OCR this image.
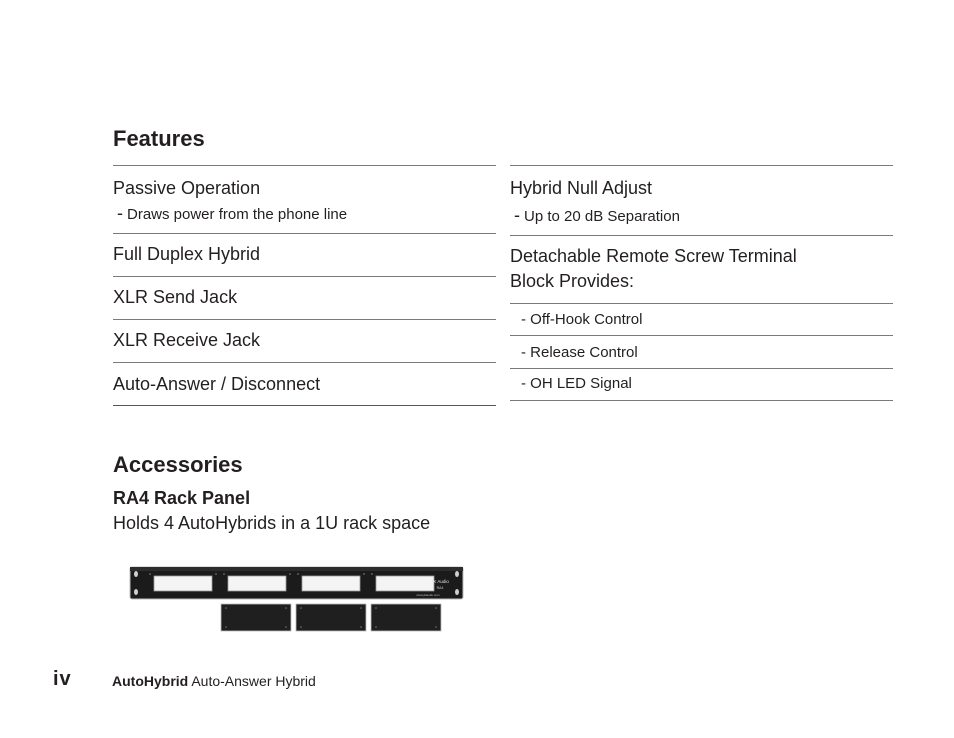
Features
Passive Operation
- Draws power from the phone line
Full Duplex Hybrid
XLR Send Jack
XLR Receive Jack
Auto-Answer / Disconnect
Hybrid Null Adjust
- Up to 20 dB Separation
Detachable Remote Screw Terminal
Block Provides:
- Off-Hook Control
- Release Control
- OH LED Signal
Accessories
RA4 Rack Panel
Holds 4 AutoHybrids in a 1U rack space
JK Audio
RA4
www.jkaudio.com
iv	AutoHybrid Auto-Answer Hybrid
